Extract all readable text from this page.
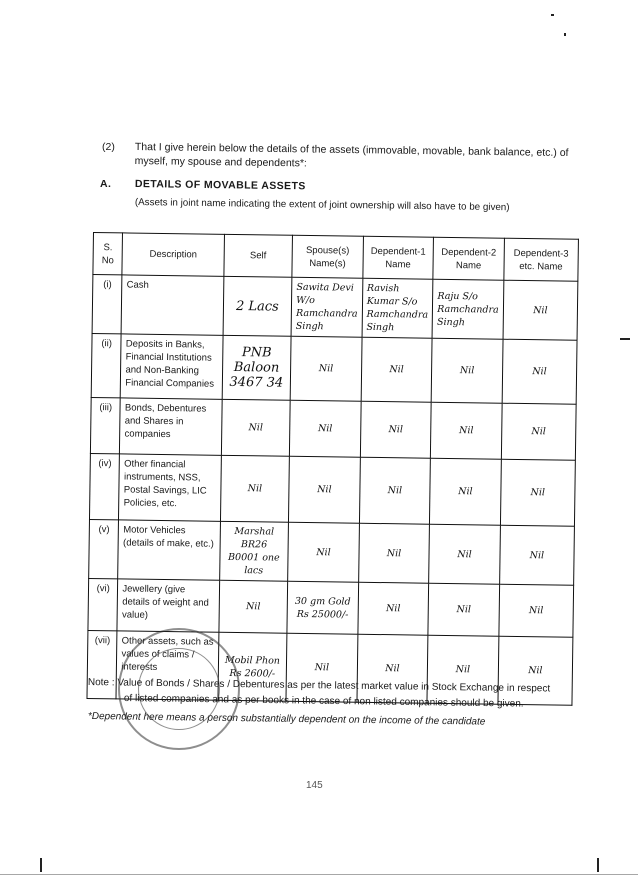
(2) That I give herein below the details of the assets (immovable, movable, bank balance, etc.) of myself, my spouse and dependents*:
A. DETAILS OF MOVABLE ASSETS
(Assets in joint name indicating the extent of joint ownership will also have to be given)
S. No	Description	Self	Spouse(s) Name(s)	Dependent-1 Name	Dependent-2 Name	Dependent-3 etc. Name
(i)	Cash	2 Lacs	Sawita Devi W/o Ramchandra Singh	Ravish Kumar S/o Ramchandra Singh	Raju S/o Ramchandra Singh	Nil
(ii)	Deposits in Banks, Financial Institutions and Non-Banking Financial Companies	PNB Baloon 3467 34	Nil	Nil	Nil	Nil
(iii)	Bonds, Debentures and Shares in companies	Nil	Nil	Nil	Nil	Nil
(iv)	Other financial instruments, NSS, Postal Savings, LIC Policies, etc.	Nil	Nil	Nil	Nil	Nil
(v)	Motor Vehicles (details of make, etc.)	Marshal BR26 B0001 one lacs	Nil	Nil	Nil	Nil
(vi)	Jewellery (give details of weight and value)	Nil	30 gm Gold Rs 25000/-	Nil	Nil	Nil
(vii)	Other assets, such as values of claims / interests	Mobil Phon Rs 2600/-	Nil	Nil	Nil	Nil
Note : Value of Bonds / Shares / Debentures as per the latest market value in Stock Exchange in respect
of listed companies and as per books in the case of non listed companies should be given.
*Dependent here means a person substantially dependent on the income of the candidate
145
